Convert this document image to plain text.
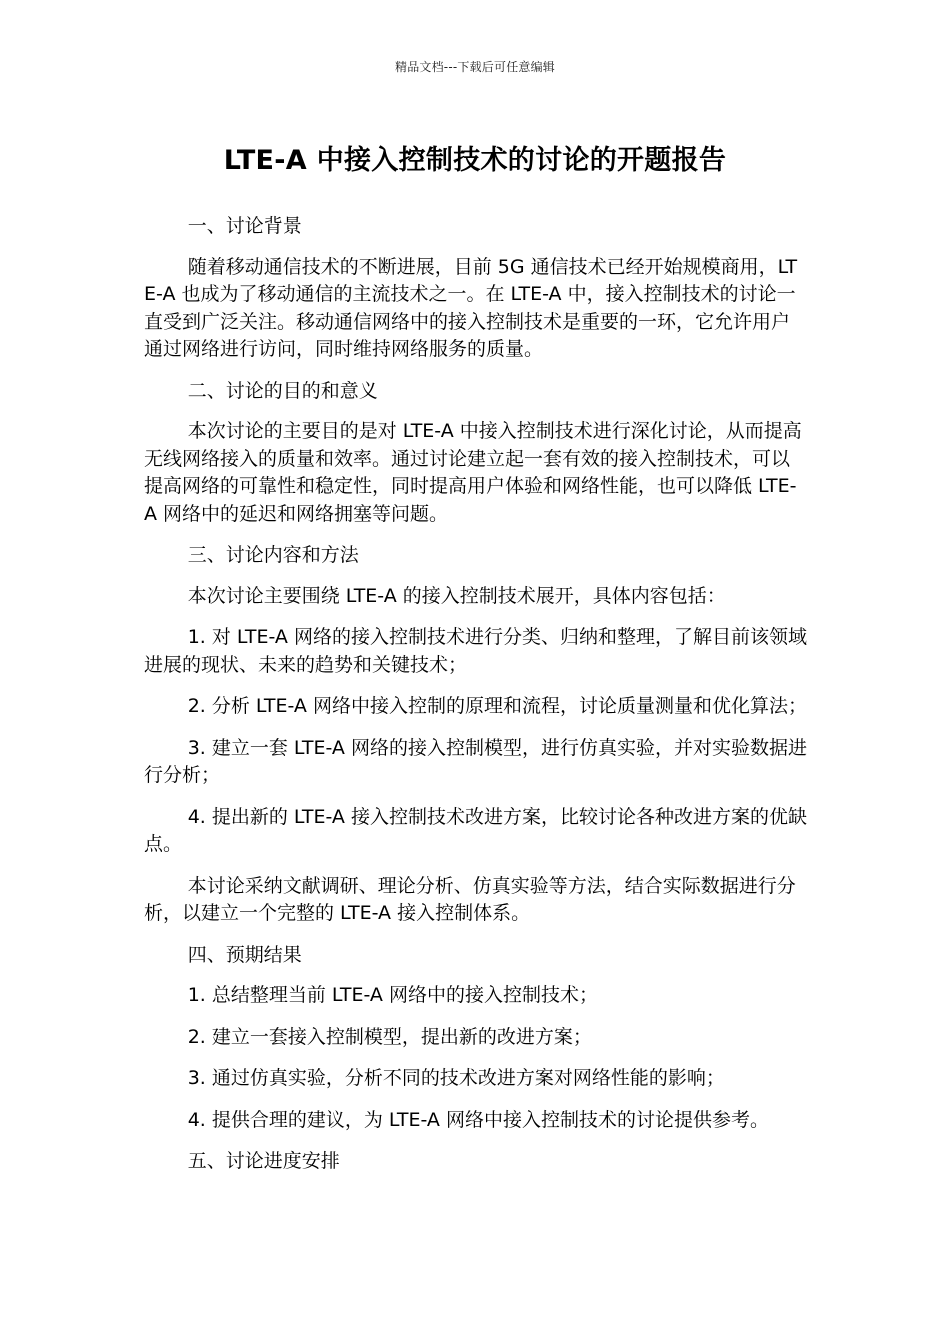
精品文档---下载后可任意编辑
LTE-A 中接入控制技术的讨论的开题报告

一、讨论背景

随着移动通信技术的不断进展，目前 5G 通信技术已经开始规模商用，LTE-A 也成为了移动通信的主流技术之一。在 LTE-A 中，接入控制技术的讨论一直受到广泛关注。移动通信网络中的接入控制技术是重要的一环，它允许用户通过网络进行访问，同时维持网络服务的质量。

二、讨论的目的和意义

本次讨论的主要目的是对 LTE-A 中接入控制技术进行深化讨论，从而提高无线网络接入的质量和效率。通过讨论建立起一套有效的接入控制技术，可以提高网络的可靠性和稳定性，同时提高用户体验和网络性能，也可以降低 LTE-A 网络中的延迟和网络拥塞等问题。

三、讨论内容和方法

本次讨论主要围绕 LTE-A 的接入控制技术展开，具体内容包括：

1. 对 LTE-A 网络的接入控制技术进行分类、归纳和整理，了解目前该领域进展的现状、未来的趋势和关键技术；

2. 分析 LTE-A 网络中接入控制的原理和流程，讨论质量测量和优化算法；

3. 建立一套 LTE-A 网络的接入控制模型，进行仿真实验，并对实验数据进行分析；

4. 提出新的 LTE-A 接入控制技术改进方案，比较讨论各种改进方案的优缺点。

本讨论采纳文献调研、理论分析、仿真实验等方法，结合实际数据进行分析，以建立一个完整的 LTE-A 接入控制体系。

四、预期结果

1. 总结整理当前 LTE-A 网络中的接入控制技术；

2. 建立一套接入控制模型，提出新的改进方案；

3. 通过仿真实验，分析不同的技术改进方案对网络性能的影响；

4. 提供合理的建议，为 LTE-A 网络中接入控制技术的讨论提供参考。

五、讨论进度安排
